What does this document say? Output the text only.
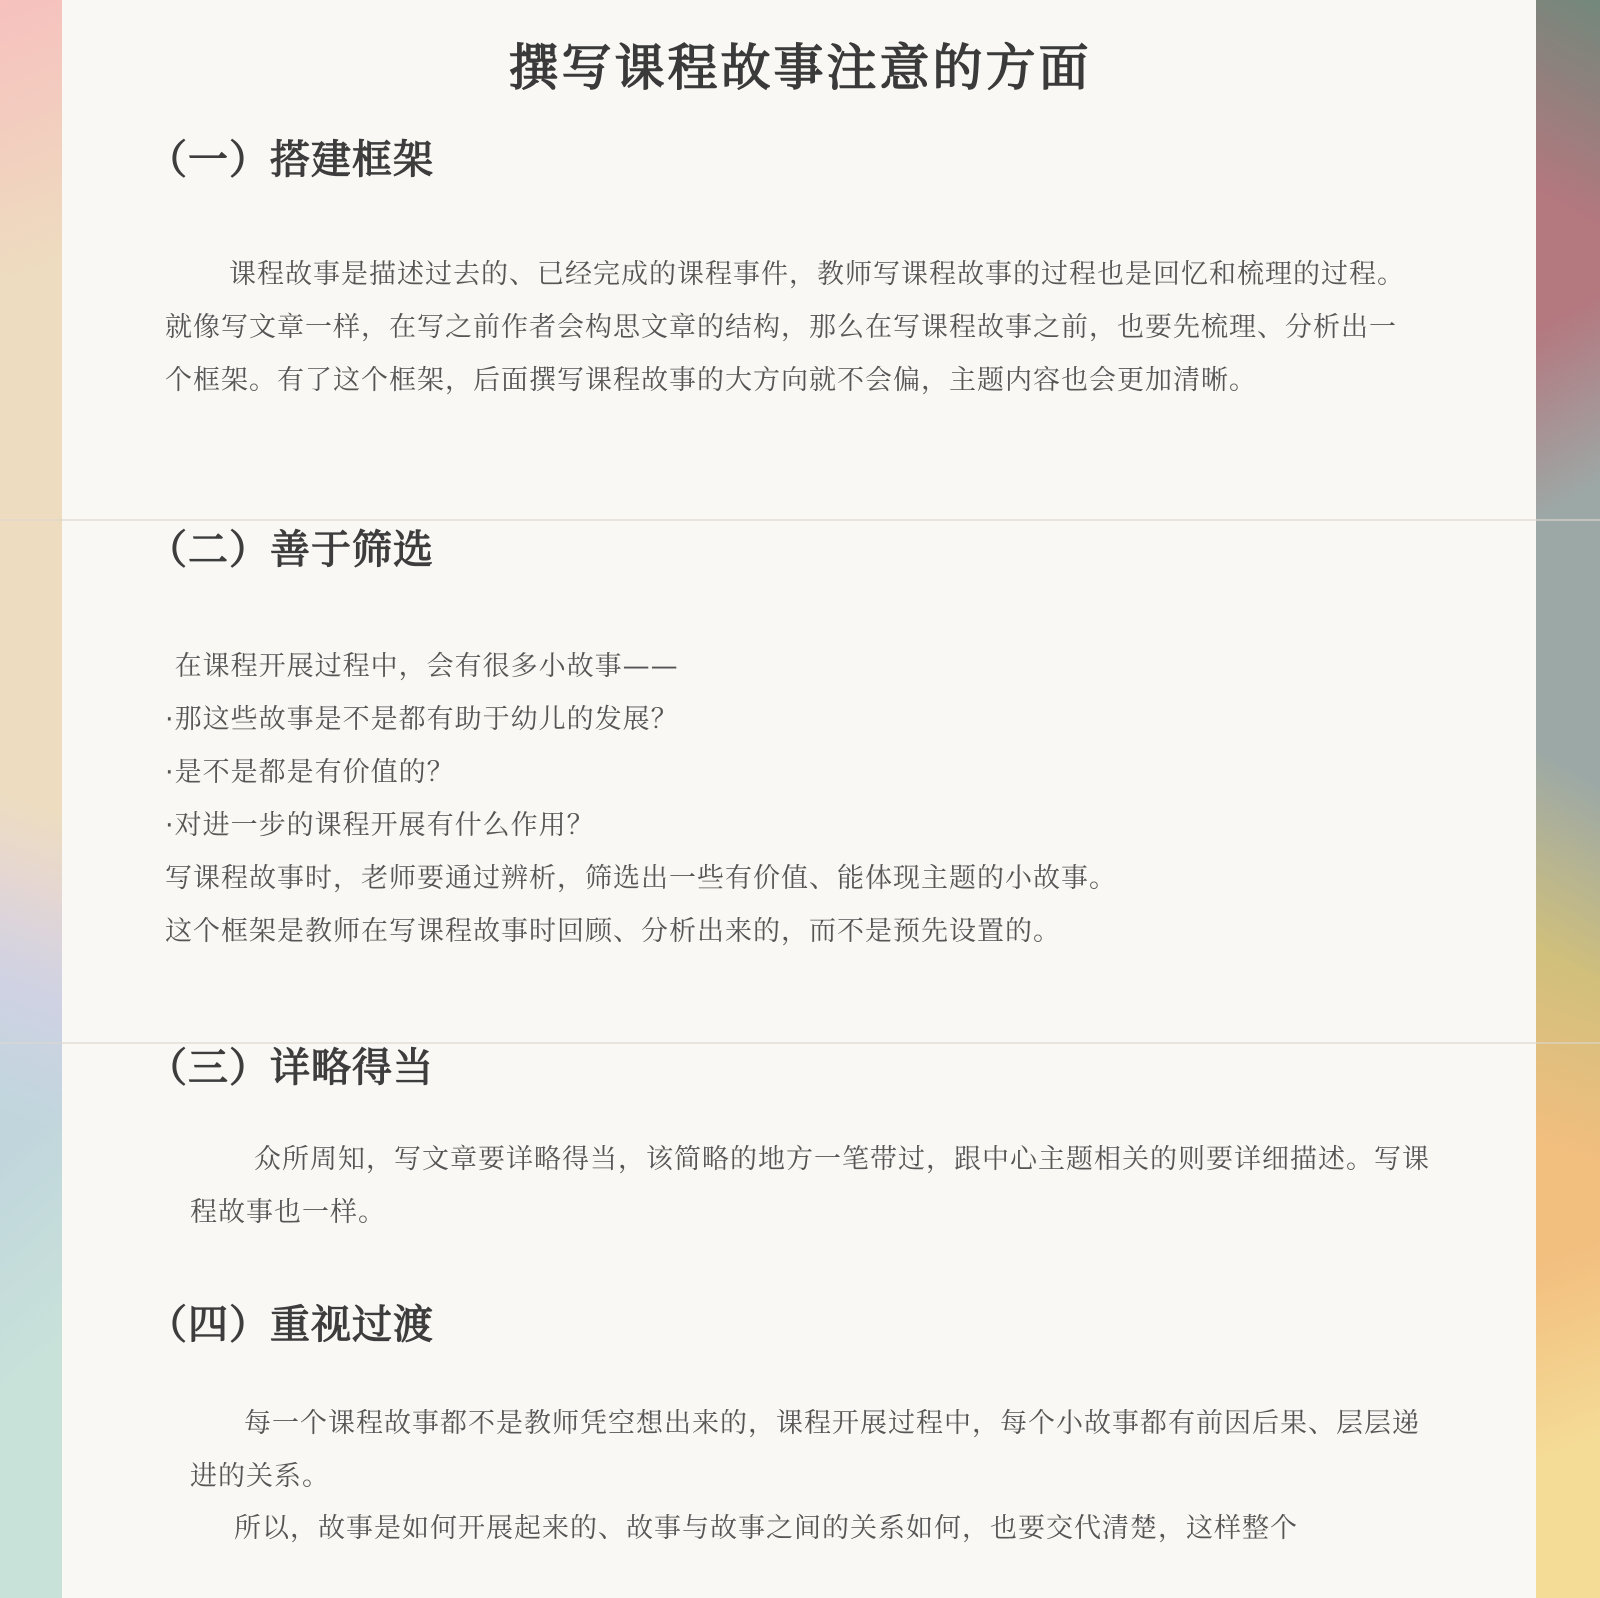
撰写课程故事注意的方面
（一）搭建框架

课程故事是描述过去的、已经完成的课程事件，教师写课程故事的过程也是回忆和梳理的过程。就像写文章一样，在写之前作者会构思文章的结构，那么在写课程故事之前，也要先梳理、分析出一个框架。有了这个框架，后面撰写课程故事的大方向就不会偏，主题内容也会更加清晰。

（二）善于筛选
在课程开展过程中，会有很多小故事——
·那这些故事是不是都有助于幼儿的发展？
·是不是都是有价值的？
·对进一步的课程开展有什么作用？
写课程故事时，老师要通过辨析，筛选出一些有价值、能体现主题的小故事。
这个框架是教师在写课程故事时回顾、分析出来的，而不是预先设置的。
（三）详略得当

众所周知，写文章要详略得当，该简略的地方一笔带过，跟中心主题相关的则要详细描述。写课程故事也一样。

（四）重视过渡

每一个课程故事都不是教师凭空想出来的，课程开展过程中，每个小故事都有前因后果、层层递进的关系。

所以，故事是如何开展起来的、故事与故事之间的关系如何，也要交代清楚，这样整个
